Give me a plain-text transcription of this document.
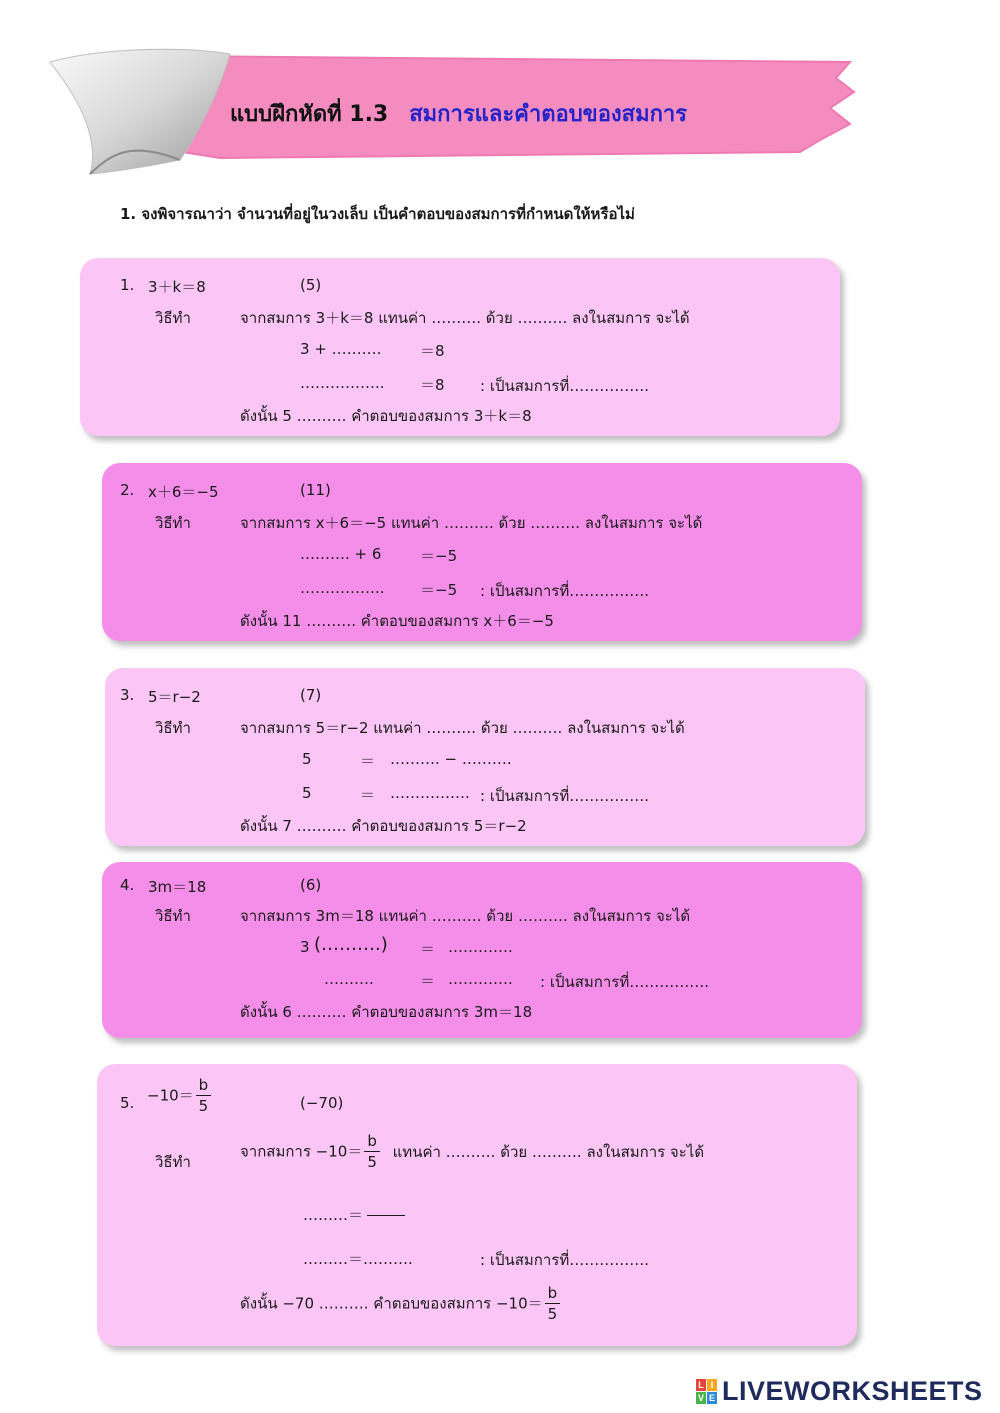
แบบฝึกหัดที่ 1.3 สมการและคำตอบของสมการ
1. จงพิจารณาว่า จำนวนที่อยู่ในวงเล็บ เป็นคำตอบของสมการที่กำหนดให้หรือไม่
1. 3＋k＝8	(5)
วิธีทำ	จากสมการ 3＋k＝8 แทนค่า ………. ด้วย ………. ลงในสมการ จะได้
3 + ……….	＝8
…………….. ＝8 : เป็นสมการที่…………….
ดังนั้น 5 ………. คำตอบของสมการ 3＋k＝8
2. x＋6＝−5	(11)
วิธีทำ	จากสมการ x＋6＝−5 แทนค่า ………. ด้วย ………. ลงในสมการ จะได้
………. + 6	＝−5
…………….. ＝−5 : เป็นสมการที่…………….
ดังนั้น 11 ………. คำตอบของสมการ x＋6＝−5
3. 5＝r−2	(7)
วิธีทำ	จากสมการ 5＝r−2 แทนค่า ………. ด้วย ………. ลงในสมการ จะได้
5	＝ ………. − ……….
5	＝ ……………. : เป็นสมการที่…………….
ดังนั้น 7 ………. คำตอบของสมการ 5＝r−2
4. 3m＝18	(6)
วิธีทำ	จากสมการ 3m＝18 แทนค่า ………. ด้วย ………. ลงในสมการ จะได้
3 (……….) ＝ ………….
……….	＝ …………. : เป็นสมการที่…………….
ดังนั้น 6 ………. คำตอบของสมการ 3m＝18
5. $-10= \frac{b}{5}$	(−70)
วิธีทำ
จากสมการ $-10= \frac{b}{5}$ แทนค่า ………. ด้วย ………. ลงในสมการ จะได้
………＝
………＝……….	: เป็นสมการที่…………….
ดังนั้น −70 ………. คำตอบของสมการ $-10= \frac{b}{5}$
L I
V E LIVEWORKSHEETS
